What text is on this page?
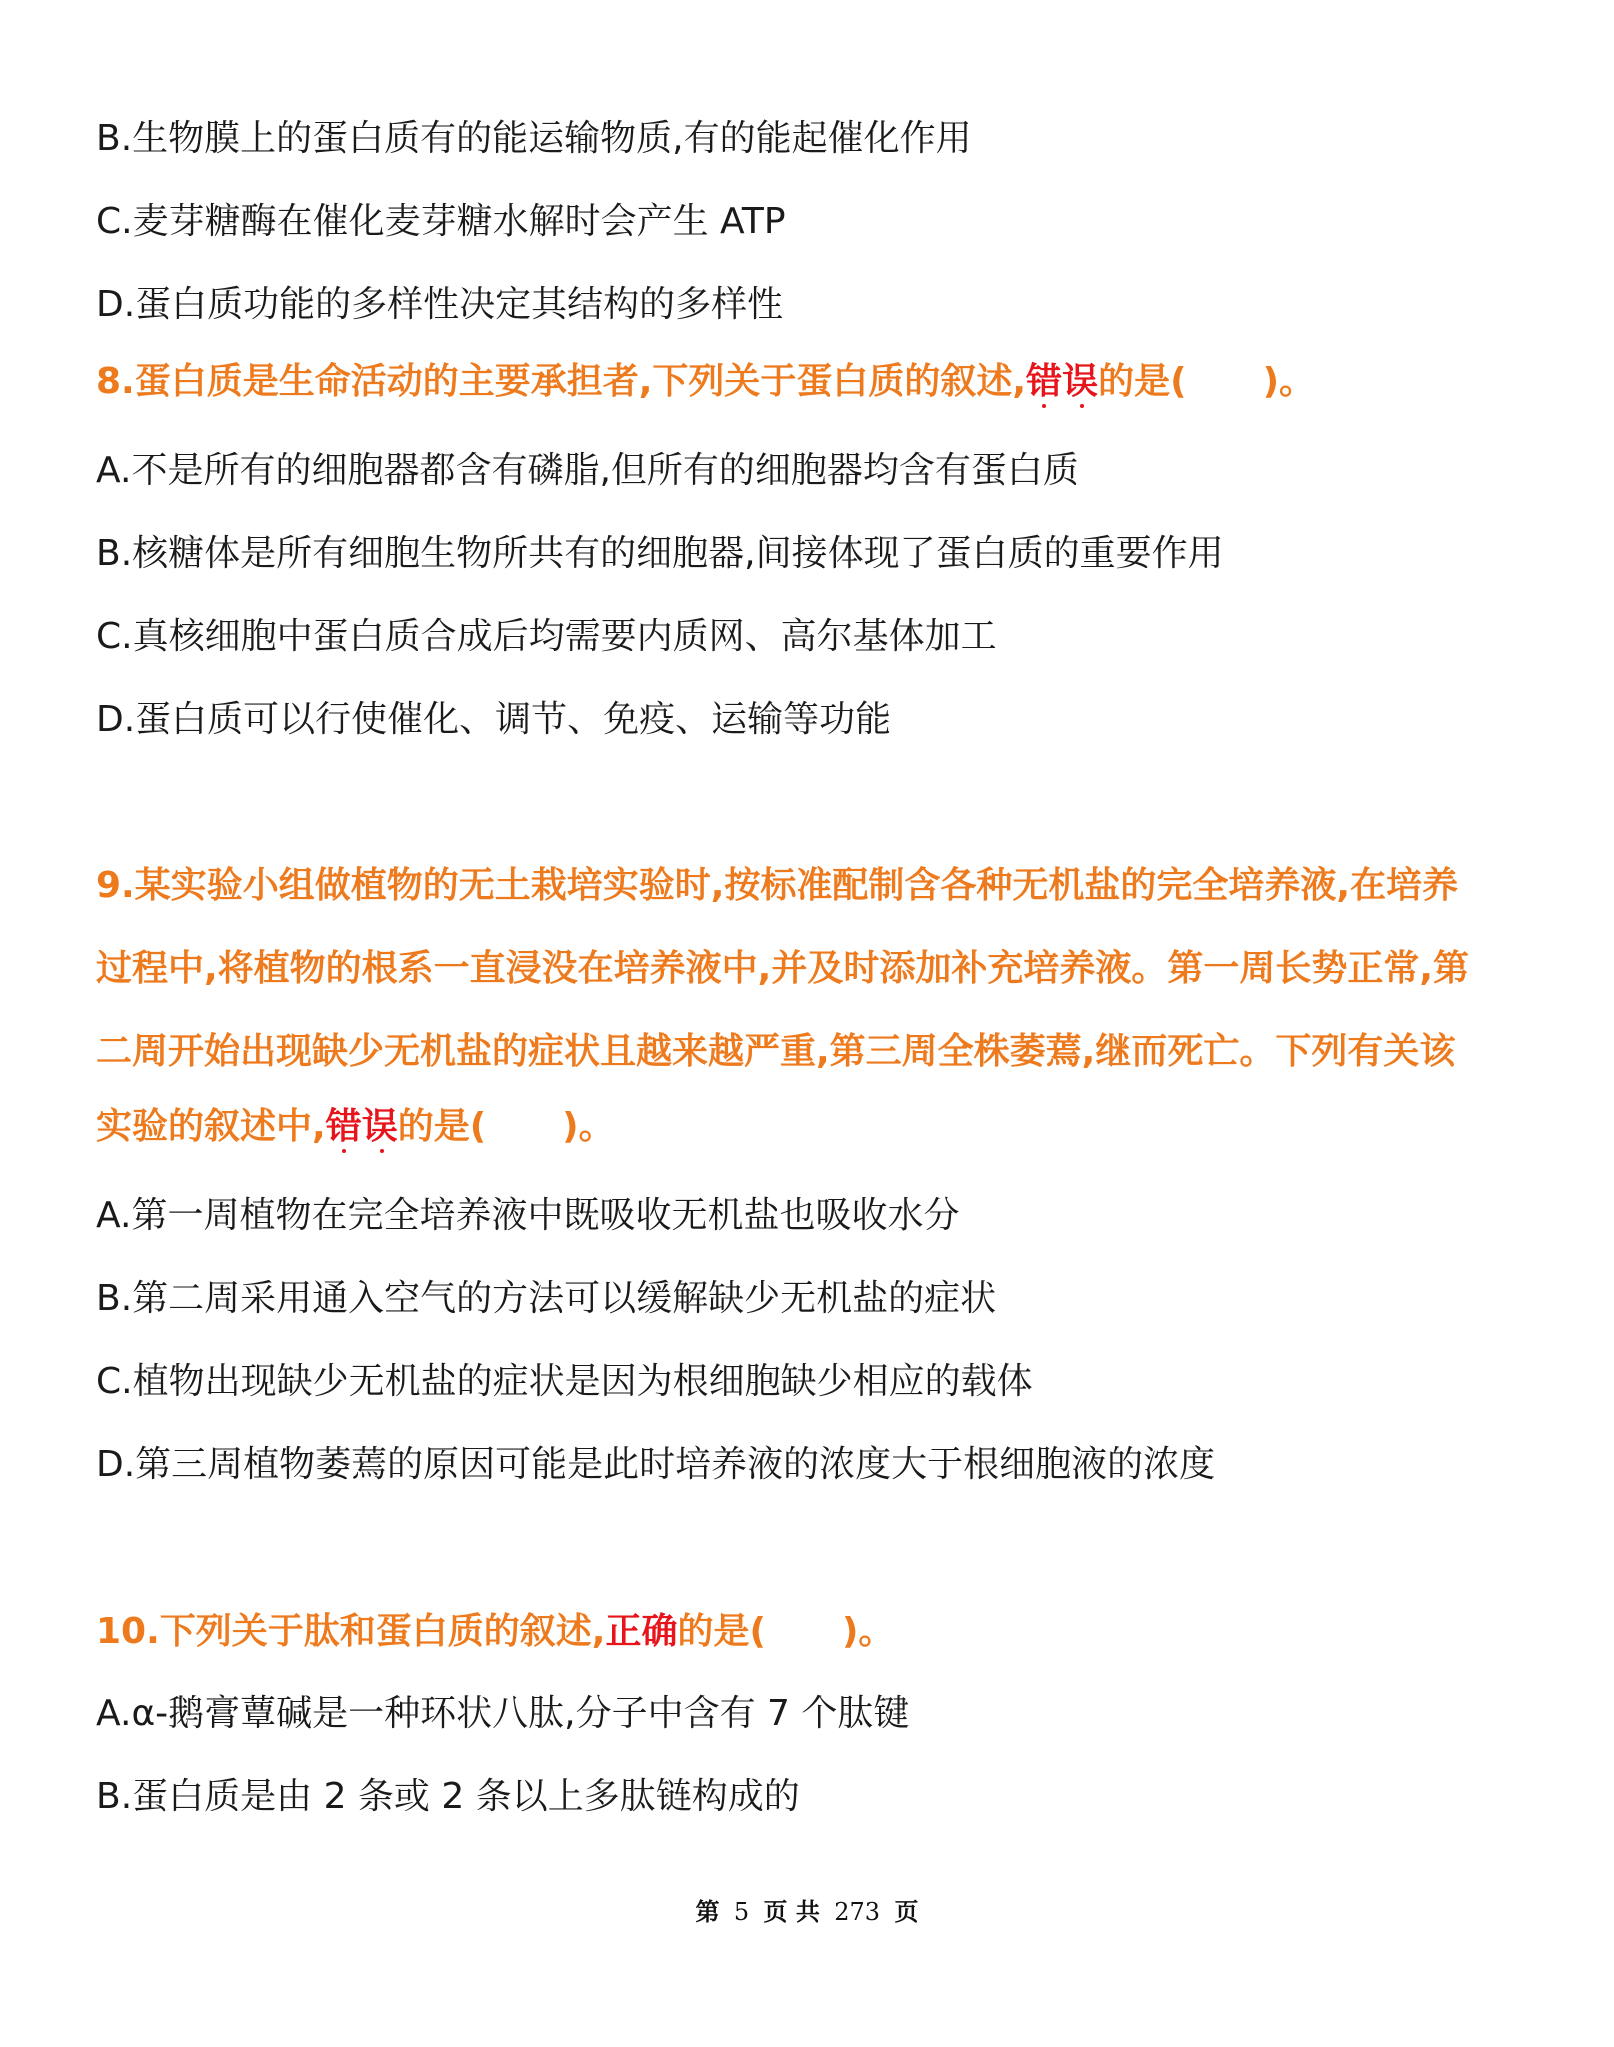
B.生物膜上的蛋白质有的能运输物质,有的能起催化作用
C.麦芽糖酶在催化麦芽糖水解时会产生 ATP
D.蛋白质功能的多样性决定其结构的多样性
8.蛋白质是生命活动的主要承担者,下列关于蛋白质的叙述,错误
的是( )。
A.不是所有的细胞器都含有磷脂,但所有的细胞器均含有蛋白质
B.核糖体是所有细胞生物所共有的细胞器,间接体现了蛋白质的重要作用
C.真核细胞中蛋白质合成后均需要内质网、高尔基体加工
D.蛋白质可以行使催化、调节、免疫、运输等功能
9.某实验小组做植物的无土栽培实验时,按标准配制含各种无机盐的完全培养液,在培养
过程中,将植物的根系一直浸没在培养液中,并及时添加补充培养液。第一周长势正常,第
二周开始出现缺少无机盐的症状且越来越严重,第三周全株萎蔫,继而死亡。下列有关该
实验的叙述中,错误
的是( )。
A.第一周植物在完全培养液中既吸收无机盐也吸收水分
B.第二周采用通入空气的方法可以缓解缺少无机盐的症状
C.植物出现缺少无机盐的症状是因为根细胞缺少相应的载体
D.第三周植物萎蔫的原因可能是此时培养液的浓度大于根细胞液的浓度
10.下列关于肽和蛋白质的叙述,正确的是( )。
A.α-鹅膏蕈碱是一种环状八肽,分子中含有 7 个肽键
B.蛋白质是由 2 条或 2 条以上多肽链构成的
第 5 页 共 273 页
